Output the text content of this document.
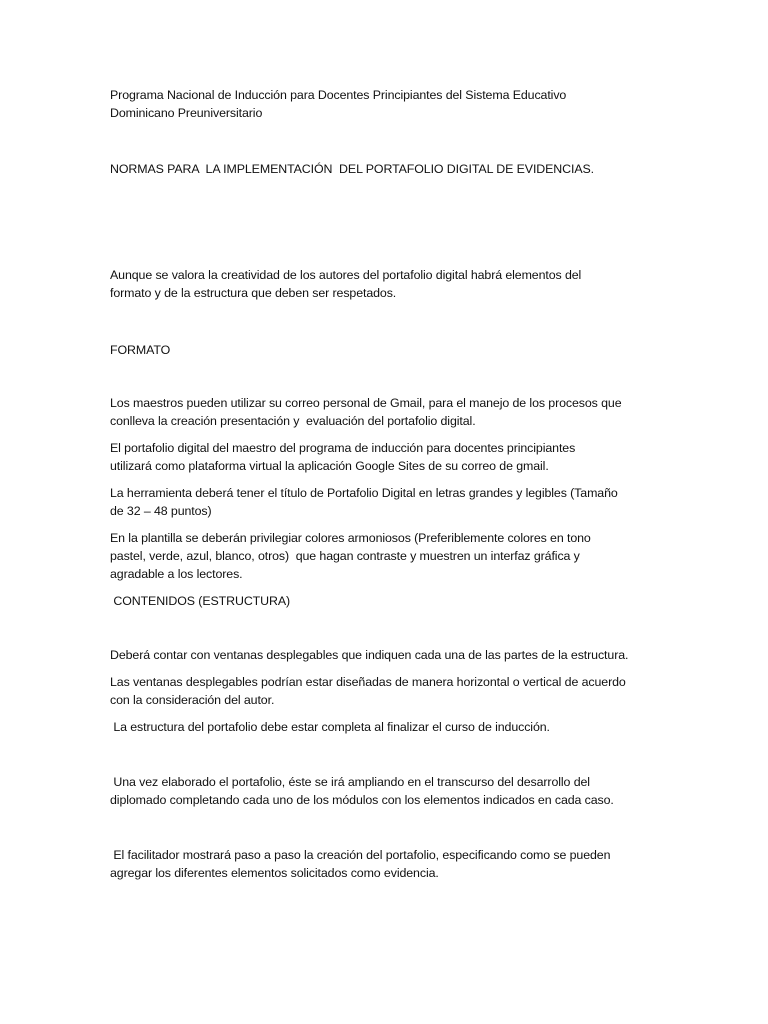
Programa Nacional de Inducción para Docentes Principiantes del Sistema Educativo
Dominicano Preuniversitario

NORMAS PARA  LA IMPLEMENTACIÓN  DEL PORTAFOLIO DIGITAL DE EVIDENCIAS.

Aunque se valora la creatividad de los autores del portafolio digital habrá elementos del
formato y de la estructura que deben ser respetados.

FORMATO

Los maestros pueden utilizar su correo personal de Gmail, para el manejo de los procesos que
conlleva la creación presentación y  evaluación del portafolio digital.

El portafolio digital del maestro del programa de inducción para docentes principiantes
utilizará como plataforma virtual la aplicación Google Sites de su correo de gmail.

La herramienta deberá tener el título de Portafolio Digital en letras grandes y legibles (Tamaño
de 32 – 48 puntos)

En la plantilla se deberán privilegiar colores armoniosos (Preferiblemente colores en tono
pastel, verde, azul, blanco, otros)  que hagan contraste y muestren un interfaz gráfica y
agradable a los lectores.

CONTENIDOS (ESTRUCTURA)

Deberá contar con ventanas desplegables que indiquen cada una de las partes de la estructura.

Las ventanas desplegables podrían estar diseñadas de manera horizontal o vertical de acuerdo
con la consideración del autor.

La estructura del portafolio debe estar completa al finalizar el curso de inducción.

Una vez elaborado el portafolio, éste se irá ampliando en el transcurso del desarrollo del
diplomado completando cada uno de los módulos con los elementos indicados en cada caso.

El facilitador mostrará paso a paso la creación del portafolio, especificando como se pueden
agregar los diferentes elementos solicitados como evidencia.
